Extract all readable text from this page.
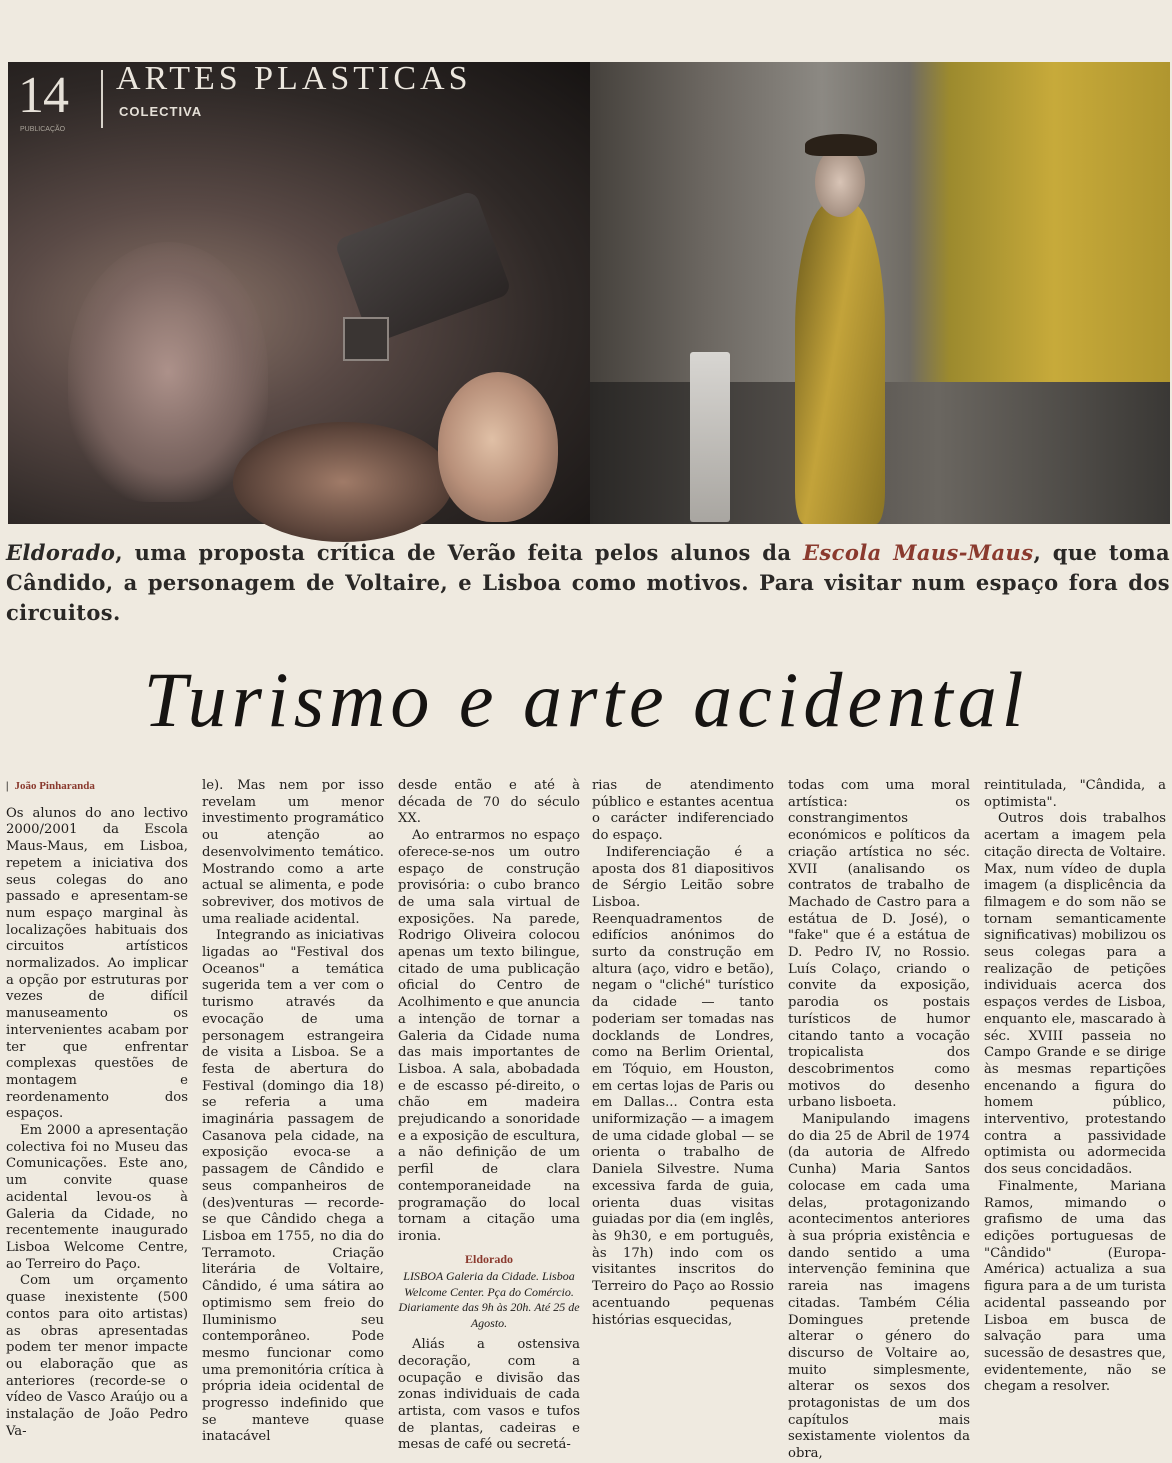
14 ARTES PLASTICAS
COLECTIVA
PUBLICAÇÃO
Eldorado, uma proposta crítica de Verão feita pelos alunos da Escola Maus-Maus, que toma Cândido, a personagem de Voltaire, e Lisboa como motivos. Para visitar num espaço fora dos circuitos.
Turismo e arte acidental
| João Pinharanda

Os alunos do ano lectivo 2000/2001 da Escola Maus-Maus, em Lisboa, repetem a iniciativa dos seus colegas do ano passado e apresentam-se num espaço marginal às localizações habituais dos circuitos artísticos normalizados. Ao implicar a opção por estruturas por vezes de difícil manuseamento os intervenientes acabam por ter que enfrentar complexas questões de montagem e reordenamento dos espaços.

Em 2000 a apresentação colectiva foi no Museu das Comunicações. Este ano, um convite quase acidental levou-os à Galeria da Cidade, no recentemente inaugurado Lisboa Welcome Centre, ao Terreiro do Paço.

Com um orçamento quase inexistente (500 contos para oito artistas) as obras apresentadas podem ter menor impacte ou elaboração que as anteriores (recorde-se o vídeo de Vasco Araújo ou a instalação de João Pedro Va-

le). Mas nem por isso revelam um menor investimento programático ou atenção ao desenvolvimento temático. Mostrando como a arte actual se alimenta, e pode sobreviver, dos motivos de uma realiade acidental.

Integrando as iniciativas ligadas ao "Festival dos Oceanos" a temática sugerida tem a ver com o turismo através da evocação de uma personagem estrangeira de visita a Lisboa. Se a festa de abertura do Festival (domingo dia 18) se referia a uma imaginária passagem de Casanova pela cidade, na exposição evoca-se a passagem de Cândido e seus companheiros de (des)venturas — recorde-se que Cândido chega a Lisboa em 1755, no dia do Terramoto. Criação literária de Voltaire, Cândido, é uma sátira ao optimismo sem freio do Iluminismo seu contemporâneo. Pode mesmo funcionar como uma premonitória crítica à própria ideia ocidental de progresso indefinido que se manteve quase inatacável

desde então e até à década de 70 do século XX.

Ao entrarmos no espaço oferece-se-nos um outro espaço de construção provisória: o cubo branco de uma sala virtual de exposições. Na parede, Rodrigo Oliveira colocou apenas um texto bilingue, citado de uma publicação oficial do Centro de Acolhimento e que anuncia a intenção de tornar a Galeria da Cidade numa das mais importantes de Lisboa. A sala, abobadada e de escasso pé-direito, o chão em madeira prejudicando a sonoridade e a exposição de escultura, a não definição de um perfil de clara contemporaneidade na programação do local tornam a citação uma ironia.

Eldorado
LISBOA Galeria da Cidade. Lisboa Welcome Center. Pça do Comércio. Diariamente das 9h às 20h. Até 25 de Agosto.

Aliás a ostensiva decoração, com a ocupação e divisão das zonas individuais de cada artista, com vasos e tufos de plantas, cadeiras e mesas de café ou secretá-

rias de atendimento público e estantes acentua o carácter indiferenciado do espaço.

Indiferenciação é a aposta dos 81 diapositivos de Sérgio Leitão sobre Lisboa. Reenquadramentos de edifícios anónimos do surto da construção em altura (aço, vidro e betão), negam o "cliché" turístico da cidade — tanto poderiam ser tomadas nas docklands de Londres, como na Berlim Oriental, em Tóquio, em Houston, em certas lojas de Paris ou em Dallas... Contra esta uniformização — a imagem de uma cidade global — se orienta o trabalho de Daniela Silvestre. Numa excessiva farda de guia, orienta duas visitas guiadas por dia (em inglês, às 9h30, e em português, às 17h) indo com os visitantes inscritos do Terreiro do Paço ao Rossio acentuando pequenas histórias esquecidas,

todas com uma moral artística: os constrangimentos económicos e políticos da criação artística no séc. XVII (analisando os contratos de trabalho de Machado de Castro para a estátua de D. José), o "fake" que é a estátua de D. Pedro IV, no Rossio. Luís Colaço, criando o convite da exposição, parodia os postais turísticos de humor citando tanto a vocação tropicalista dos descobrimentos como motivos do desenho urbano lisboeta.

Manipulando imagens do dia 25 de Abril de 1974 (da autoria de Alfredo Cunha) Maria Santos colocase em cada uma delas, protagonizando acontecimentos anteriores à sua própria existência e dando sentido a uma intervenção feminina que rareia nas imagens citadas. Também Célia Domingues pretende alterar o género do discurso de Voltaire ao, muito simplesmente, alterar os sexos dos protagonistas de um dos capítulos mais sexistamente violentos da obra,

reintitulada, "Cândida, a optimista".

Outros dois trabalhos acertam a imagem pela citação directa de Voltaire. Max, num vídeo de dupla imagem (a displicência da filmagem e do som não se tornam semanticamente significativas) mobilizou os seus colegas para a realização de petições individuais acerca dos espaços verdes de Lisboa, enquanto ele, mascarado à séc. XVIII passeia no Campo Grande e se dirige às mesmas repartições encenando a figura do homem público, interventivo, protestando contra a passividade optimista ou adormecida dos seus concidadãos.

Finalmente, Mariana Ramos, mimando o grafismo de uma das edições portuguesas de "Cândido" (Europa-América) actualiza a sua figura para a de um turista acidental passeando por Lisboa em busca de salvação para uma sucessão de desastres que, evidentemente, não se chegam a resolver.
